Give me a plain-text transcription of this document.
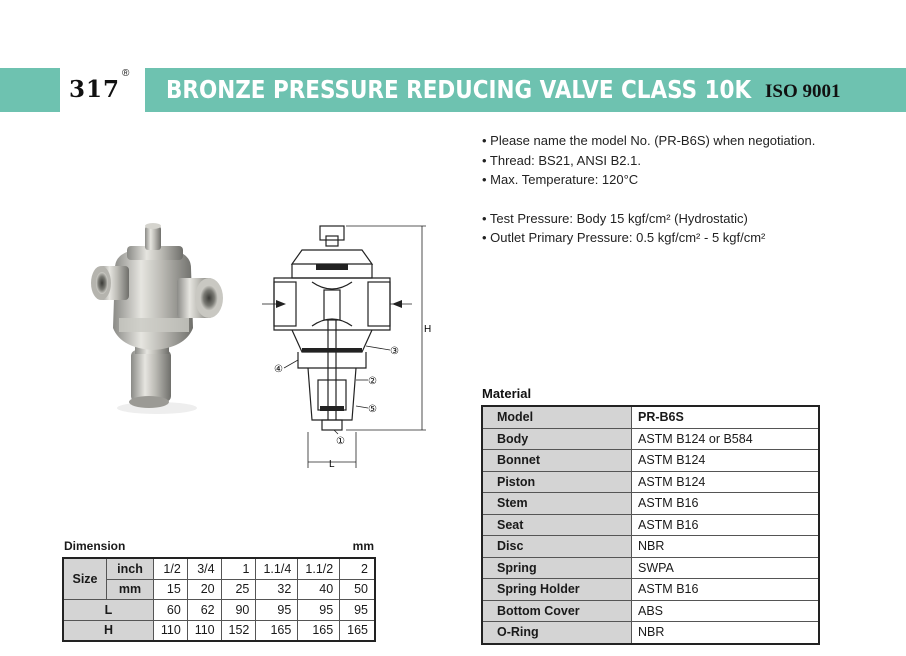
317
®
BRONZE PRESSURE REDUCING VALVE CLASS 10K ISO 9001
• Please name the model No. (PR-B6S) when negotiation.
• Thread: BS21, ANSI B2.1.
• Max. Temperature: 120°C
• Test Pressure: Body 15 kgf/cm² (Hydrostatic)
• Outlet Primary Pressure: 0.5 kgf/cm² - 5 kgf/cm²
H
L
①
②
③
④
⑤
Material
Model	PR-B6S
Body	ASTM B124 or B584
Bonnet	ASTM B124
Piston	ASTM B124
Stem	ASTM B16
Seat	ASTM B16
Disc	NBR
Spring	SWPA
Spring Holder	ASTM B16
Bottom Cover	ABS
O-Ring	NBR
Dimension	mm
Size	inch	1/2	3/4	1	1.1/4	1.1/2	2
	mm	15	20	25	32	40	50
L		60	62	90	95	95	95
H		110	110	152	165	165	165
